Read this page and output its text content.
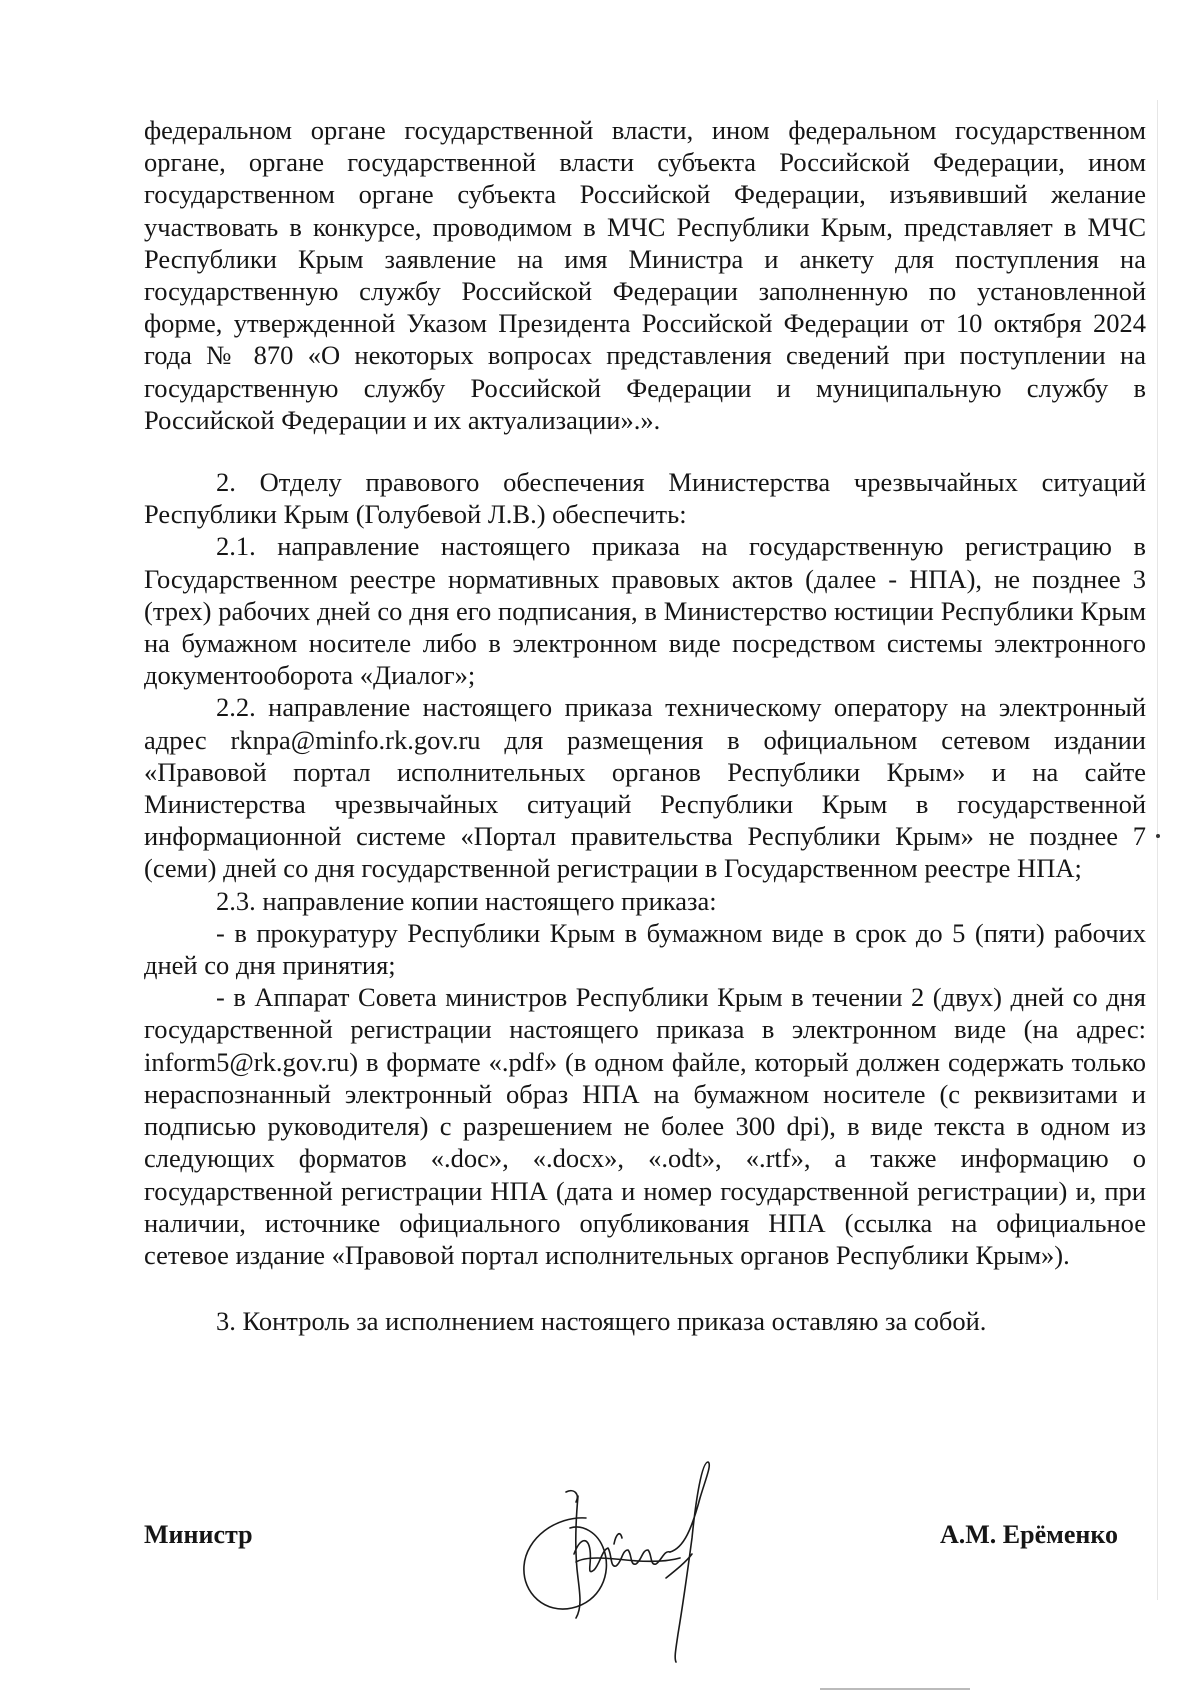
федеральном органе государственной власти, ином федеральном государственном органе, органе государственной власти субъекта Российской Федерации, ином государственном органе субъекта Российской Федерации, изъявивший желание участвовать в конкурсе, проводимом в МЧС Республики Крым, представляет в МЧС Республики Крым заявление на имя Министра и анкету для поступления на государственную службу Российской Федерации заполненную по установленной форме, утвержденной Указом Президента Российской Федерации от 10 октября 2024 года № 870 «О некоторых вопросах представления сведений при поступлении на государственную службу Российской Федерации и муниципальную службу в Российской Федерации и их актуализации».».

2. Отделу правового обеспечения Министерства чрезвычайных ситуаций Республики Крым (Голубевой Л.В.) обеспечить:

2.1. направление настоящего приказа на государственную регистрацию в Государственном реестре нормативных правовых актов (далее - НПА), не позднее 3 (трех) рабочих дней со дня его подписания, в Министерство юстиции Республики Крым на бумажном носителе либо в электронном виде посредством системы электронного документооборота «Диалог»;

2.2. направление настоящего приказа техническому оператору на электронный адрес rknpa@minfo.rk.gov.ru для размещения в официальном сетевом издании «Правовой портал исполнительных органов Республики Крым» и на сайте Министерства чрезвычайных ситуаций Республики Крым в государственной информационной системе «Портал правительства Республики Крым» не позднее 7 (семи) дней со дня государственной регистрации в Государственном реестре НПА;

2.3. направление копии настоящего приказа:

- в прокуратуру Республики Крым в бумажном виде в срок до 5 (пяти) рабочих дней со дня принятия;

- в Аппарат Совета министров Республики Крым в течении 2 (двух) дней со дня государственной регистрации настоящего приказа в электронном виде (на адрес: inform5@rk.gov.ru) в формате «.pdf» (в одном файле, который должен содержать только нераспознанный электронный образ НПА на бумажном носителе (с реквизитами и подписью руководителя) с разрешением не более 300 dpi), в виде текста в одном из следующих форматов «.doc», «.docx», «.odt», «.rtf», а также информацию о государственной регистрации НПА (дата и номер государственной регистрации) и, при наличии, источнике официального опубликования НПА (ссылка на официальное сетевое издание «Правовой портал исполнительных органов Республики Крым»).

3. Контроль за исполнением настоящего приказа оставляю за собой.

Министр	А.М. Ерёменко
